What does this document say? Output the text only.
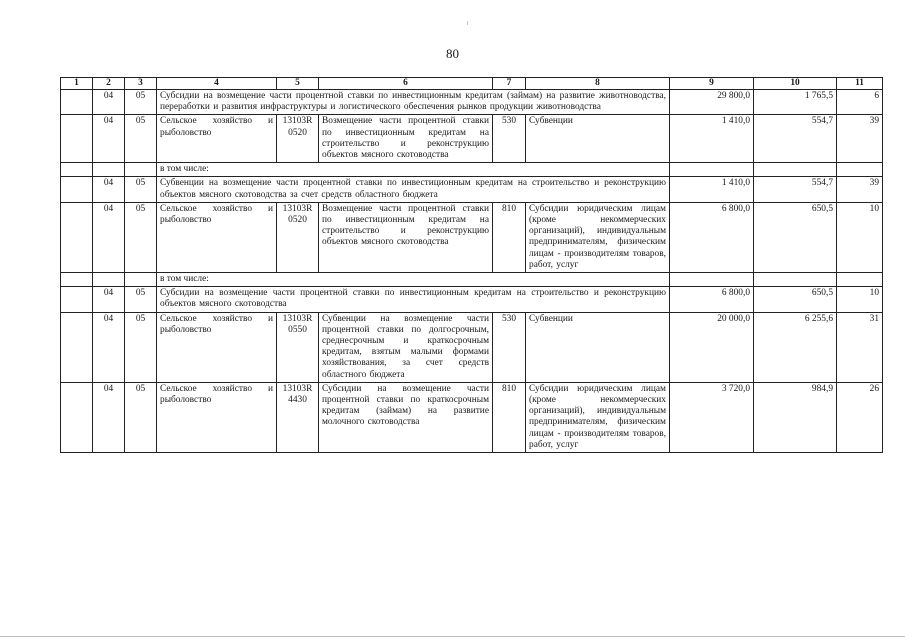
80
1	2	3	4	5	6	7	8	9	10	11
	04	05	Субсидии на возмещение части процентной ставки по инвестиционным кредитам (займам) на развитие животноводства, переработки и развития инфраструктуры и логистического обеспечения рынков продукции животноводства					29 800,0	1 765,5	6
	04	05	Сельское хозяйство и рыболовство	13103R 0520	Возмещение части процентной ставки по инвестиционным кредитам на строительство и реконструкцию объектов мясного скотоводства	530	Субвенции	1 410,0	554,7	39
			в том числе:							
	04	05	Субвенции на возмещение части процентной ставки по инвестиционным кредитам на строительство и реконструкцию объектов мясного скотоводства за счет средств областного бюджета					1 410,0	554,7	39
	04	05	Сельское хозяйство и рыболовство	13103R 0520	Возмещение части процентной ставки по инвестиционным кредитам на строительство и реконструкцию объектов мясного скотоводства	810	Субсидии юридическим лицам (кроме некоммерческих организаций), индивидуальным предпринимателям, физическим лицам - производителям товаров, работ, услуг	6 800,0	650,5	10
			в том числе:							
	04	05	Субсидии на возмещение части процентной ставки по инвестиционным кредитам на строительство и реконструкцию объектов мясного скотоводства					6 800,0	650,5	10
	04	05	Сельское хозяйство и рыболовство	13103R 0550	Субвенции на возмещение части процентной ставки по долгосрочным, среднесрочным и краткосрочным кредитам, взятым малыми формами хозяйствования, за счет средств областного бюджета	530	Субвенции	20 000,0	6 255,6	31
	04	05	Сельское хозяйство и рыболовство	13103R 4430	Субсидии на возмещение части процентной ставки по краткосрочным кредитам (займам) на развитие молочного скотоводства	810	Субсидии юридическим лицам (кроме некоммерческих организаций), индивидуальным предпринимателям, физическим лицам - производителям товаров, работ, услуг	3 720,0	984,9	26
